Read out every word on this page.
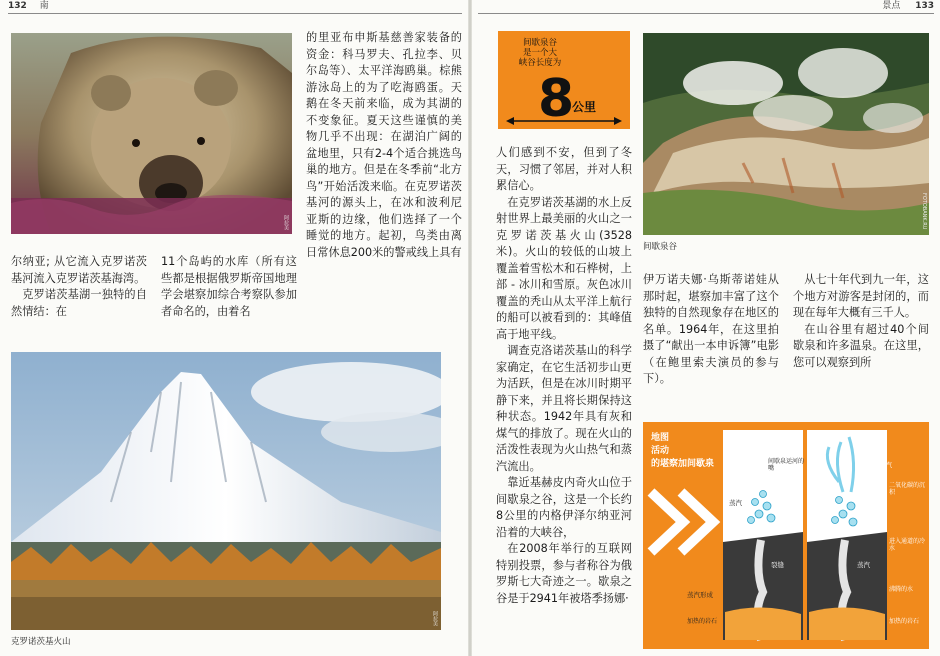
132 南	景点 133
阿拉美

尔纳亚; 从它流入克罗诺茨基河流入克罗诺茨基海湾。

克罗诺茨基湖一独特的自然情结：在

11个岛屿的水库（所有这些都是根据俄罗斯帝国地理学会堪察加综合考察队参加者命名的，由着名

的里亚布申斯基慈善家装备的资金：科马罗夫、孔拉李、贝尔岛等）、太平洋海鸥巢。棕熊游泳岛上的为了吃海鸥蛋。天鹅在冬天前来临，成为其湖的不变象征。夏天这些谨慎的美物几乎不出现：在湖泊广阔的盆地里，只有2-4个适合挑选鸟巢的地方。但是在冬季前“北方鸟”开始活泼来临。在克罗诺茨基河的源头上，在冰和波利尼亚斯的边缘，他们选择了一个睡觉的地方。起初，鸟类由离日常休息200米的警戒线上具有

阿拉美
克罗诺茨基火山
间歇泉谷
是一个大
峡谷长度为
8
公里
FOTOBANK.RU
间歇泉谷

人们感到不安，但到了冬天，习惯了邻居，并对人积累信心。

在克罗诺茨基湖的水上反射世界上最美丽的火山之一克罗诺茨基火山(3528米)。火山的较低的山坡上覆盖着雪松木和石桦树，上部 - 冰川和雪原。灰色冰川覆盖的秃山从太平洋上航行的船可以被看到的：其峰值高于地平线。

调查克洛诺茨基山的科学家确定，在它生活初步山更为活跃，但是在冰川时期平静下来，并且将长期保持这种状态。1942年具有灰和煤气的排放了。现在火山的活泼性表现为火山热气和蒸汽流出。

靠近基赫皮内奇火山位于间歇泉之谷，这是一个长约8公里的内格伊泽尔纳亚河沿着的大峡谷，

在2008年举行的互联网特别投票，参与者称谷为俄罗斯七大奇迹之一。歇泉之谷是于2941年被塔季扬娜·

伊万诺夫娜·乌斯蒂诺娃从那时起，堪察加丰富了这个独特的自然现象存在地区的名单。1964年，在这里拍摄了“献出一本申诉簿”电影（在鲍里索夫演员的参与下）。

从七十年代到九一年，这个地方对游客是封闭的，而现在每年大概有三千人。

在山谷里有超过40个间歇泉和许多温泉。在这里，您可以观察到所

地图
活动
的堪察加间歇泉	间歇泉运河的嘴
蒸汽
蒸汽
二氧化碳的沉积
进入通道的冷水
裂缝	蒸汽
沸腾的水
蒸汽形成
加热的岩石	加热的岩石
